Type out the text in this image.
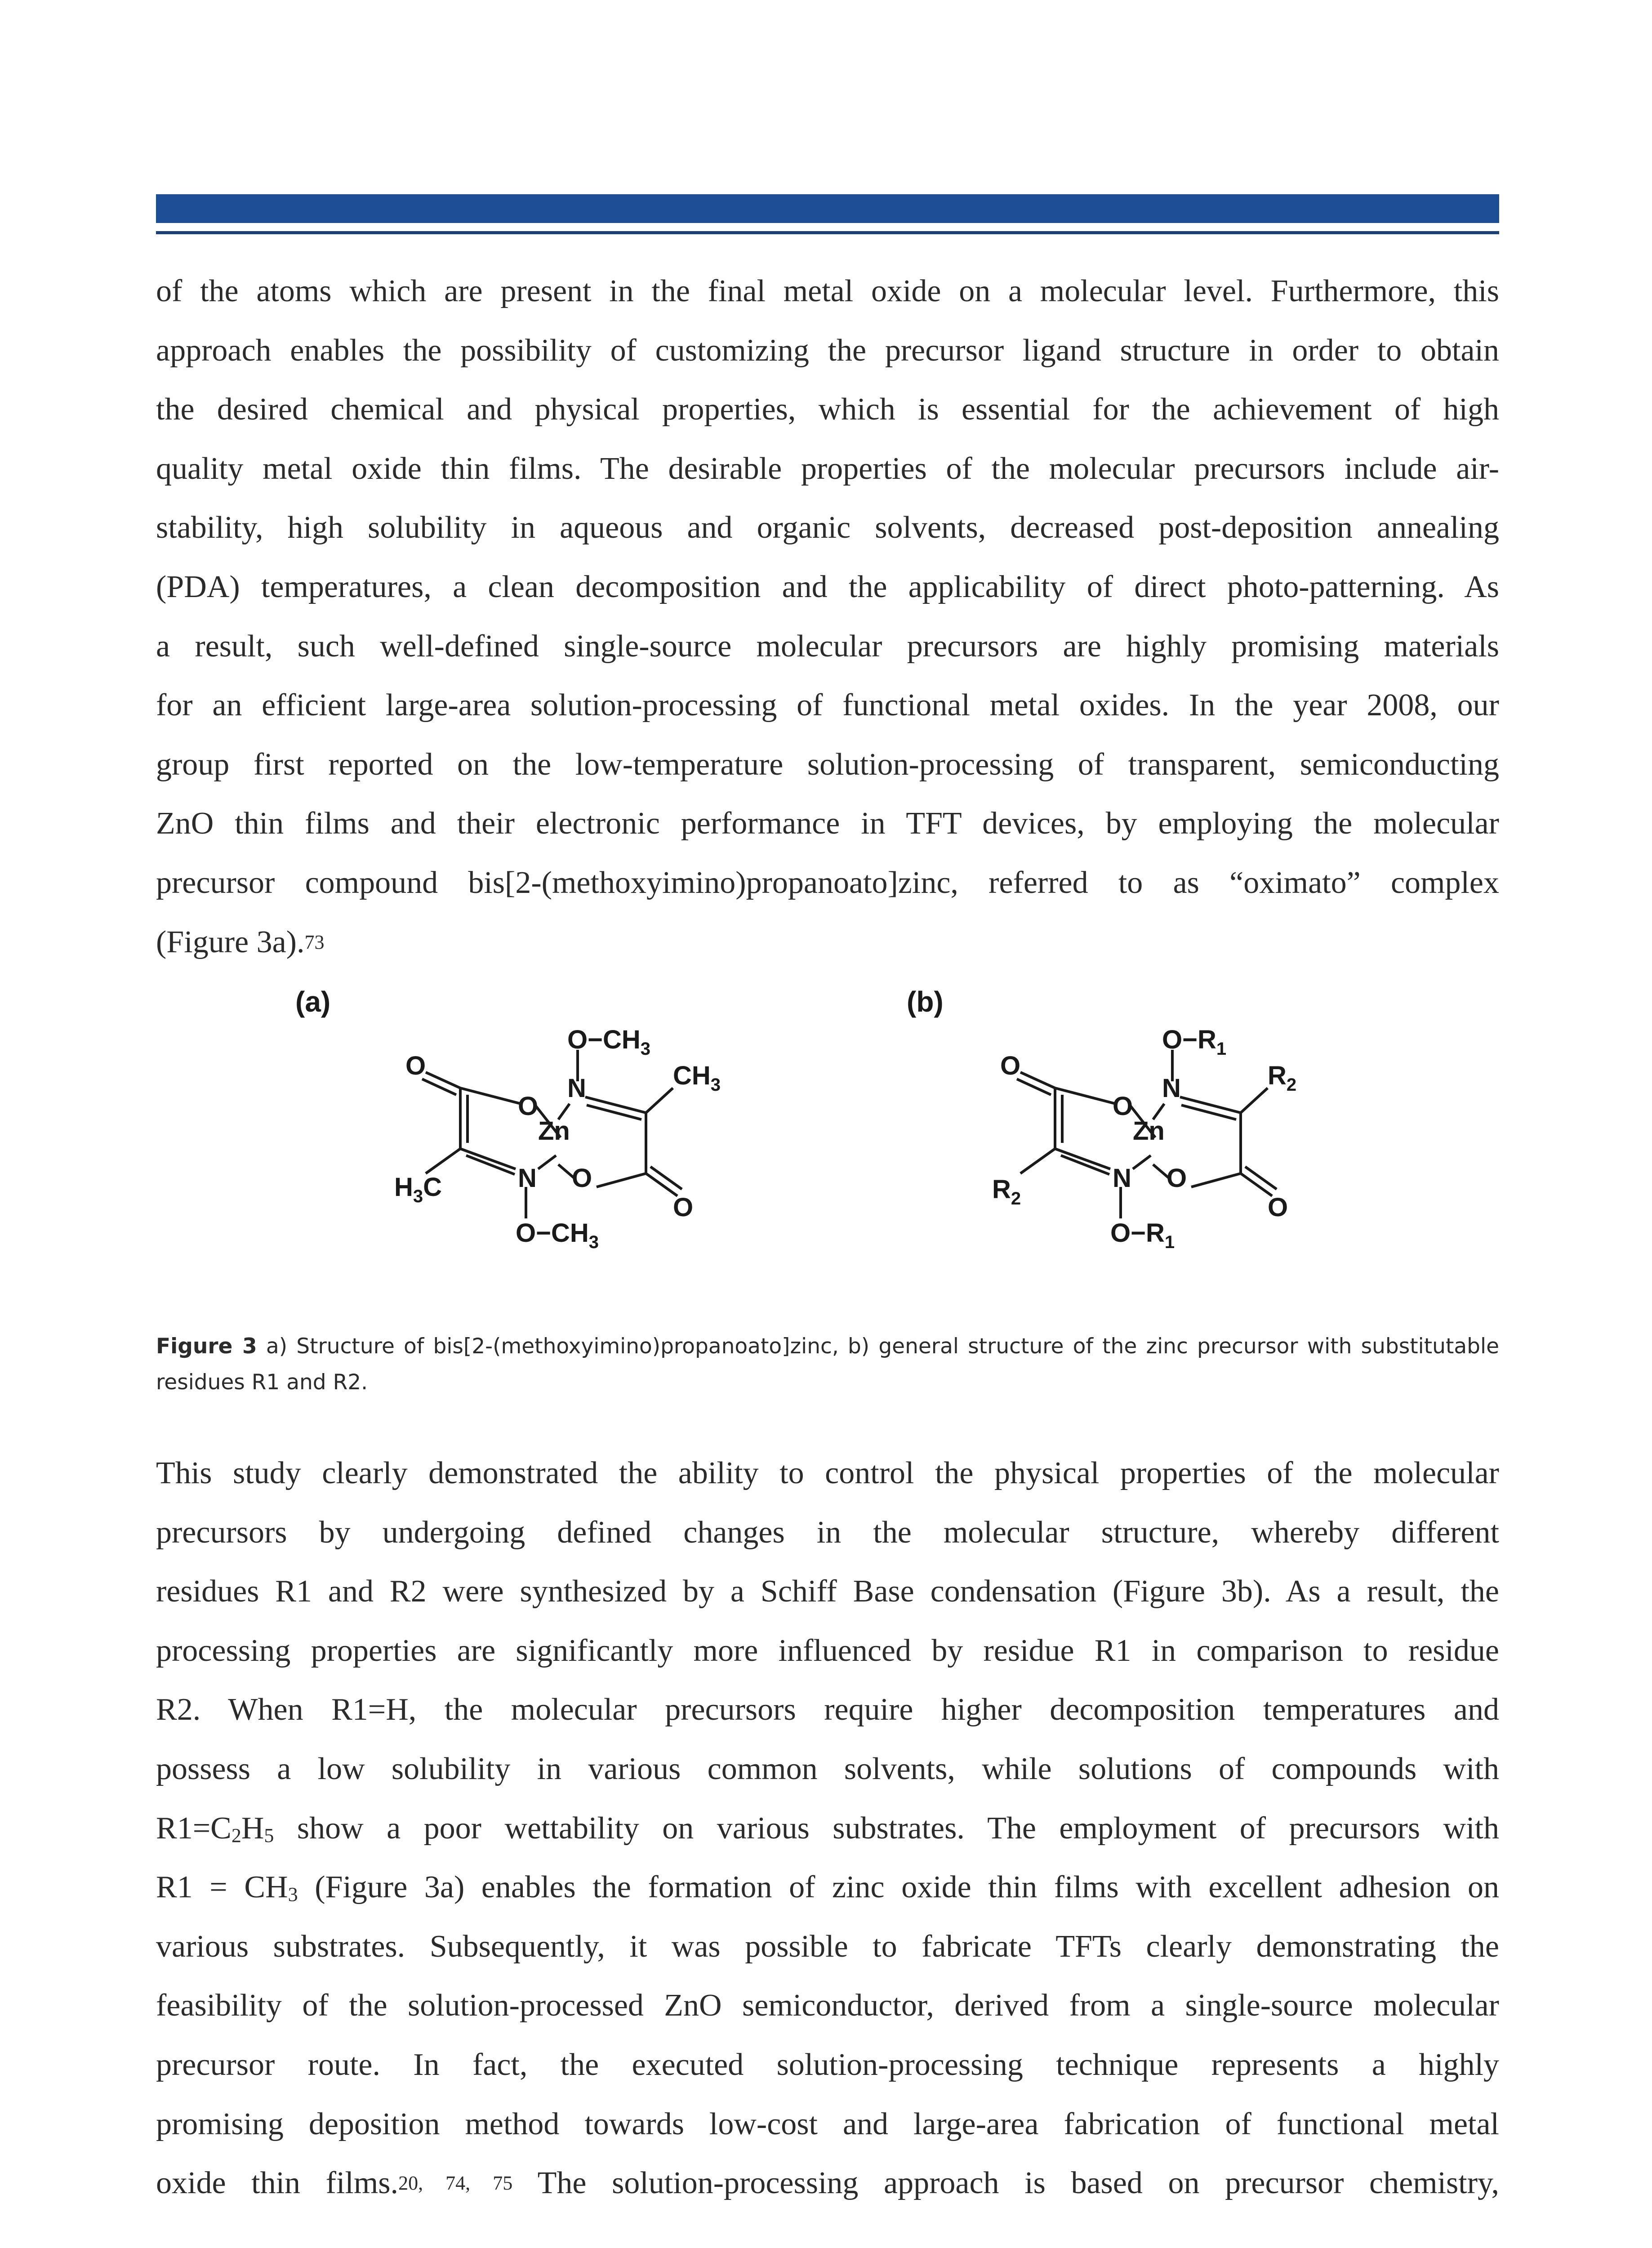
of the atoms which are present in the final metal oxide on a molecular level. Furthermore, this
approach enables the possibility of customizing the precursor ligand structure in order to obtain
the desired chemical and physical properties, which is essential for the achievement of high
quality metal oxide thin films. The desirable properties of the molecular precursors include air-
stability, high solubility in aqueous and organic solvents, decreased post-deposition annealing
(PDA) temperatures, a clean decomposition and the applicability of direct photo-patterning. As
a result, such well-defined single-source molecular precursors are highly promising materials
for an efficient large-area solution-processing of functional metal oxides. In the year 2008, our
group first reported on the low-temperature solution-processing of transparent, semiconducting
ZnO thin films and their electronic performance in TFT devices, by employing the molecular
precursor compound bis[2-(methoxyimino)propanoato]zinc, referred to as “oximato” complex
(Figure 3a).$^{73}$
(a)	(b)
O
O
N
Zn
N O
O
$H_3C$
$CH_3$
$O-CH_3$
$O-CH_3$
O
O
N
Zn
N O
O
$R_2$
$R_2$
$O-R_1$
$O-R_1$
Figure 3 a) Structure of bis[2-(methoxyimino)propanoato]zinc, b) general structure of the zinc precursor with substitutable
residues R1 and R2.
This study clearly demonstrated the ability to control the physical properties of the molecular
precursors by undergoing defined changes in the molecular structure, whereby different
residues R1 and R2 were synthesized by a Schiff Base condensation (Figure 3b). As a result, the
processing properties are significantly more influenced by residue R1 in comparison to residue
R2. When R1=H, the molecular precursors require higher decomposition temperatures and
possess a low solubility in various common solvents, while solutions of compounds with
$R1=C_2H_5$ show a poor wettability on various substrates. The employment of precursors with
$R1 = CH_3$ (Figure 3a) enables the formation of zinc oxide thin films with excellent adhesion on
various substrates. Subsequently, it was possible to fabricate TFTs clearly demonstrating the
feasibility of the solution-processed ZnO semiconductor, derived from a single-source molecular
precursor route. In fact, the executed solution-processing technique represents a highly
promising deposition method towards low-cost and large-area fabrication of functional metal
oxide thin films.$^{20, 74, 75}$ The solution-processing approach is based on precursor chemistry,
